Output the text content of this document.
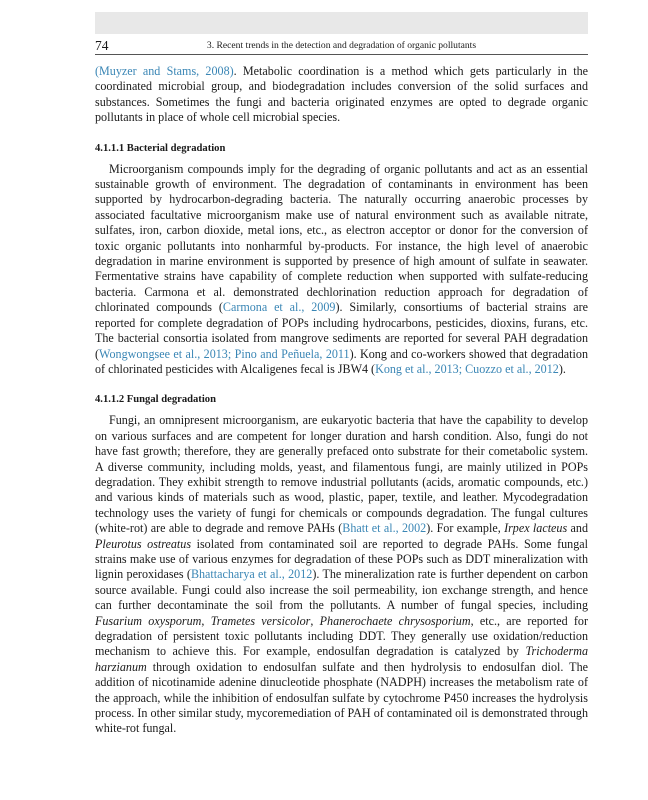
74	3. Recent trends in the detection and degradation of organic pollutants

(Muyzer and Stams, 2008). Metabolic coordination is a method which gets particularly in the coordinated microbial group, and biodegradation includes conversion of the solid surfaces and substances. Sometimes the fungi and bacteria originated enzymes are opted to degrade organic pollutants in place of whole cell microbial species.

4.1.1.1 Bacterial degradation

Microorganism compounds imply for the degrading of organic pollutants and act as an essential sustainable growth of environment. The degradation of contaminants in environment has been supported by hydrocarbon-degrading bacteria. The naturally occurring anaerobic processes by associated facultative microorganism make use of natural environment such as available nitrate, sulfates, iron, carbon dioxide, metal ions, etc., as electron acceptor or donor for the conversion of toxic organic pollutants into nonharmful by-products. For instance, the high level of anaerobic degradation in marine environment is supported by presence of high amount of sulfate in seawater. Fermentative strains have capability of complete reduction when supported with sulfate-reducing bacteria. Carmona et al. demonstrated dechlorination reduction approach for degradation of chlorinated compounds (Carmona et al., 2009). Similarly, consortiums of bacterial strains are reported for complete degradation of POPs including hydrocarbons, pesticides, dioxins, furans, etc. The bacterial consortia isolated from mangrove sediments are reported for several PAH degradation (Wongwongsee et al., 2013; Pino and Peñuela, 2011). Kong and co-workers showed that degradation of chlorinated pesticides with Alcaligenes fecal is JBW4 (Kong et al., 2013; Cuozzo et al., 2012).

4.1.1.2 Fungal degradation

Fungi, an omnipresent microorganism, are eukaryotic bacteria that have the capability to develop on various surfaces and are competent for longer duration and harsh condition. Also, fungi do not have fast growth; therefore, they are generally prefaced onto substrate for their cometabolic system. A diverse community, including molds, yeast, and filamentous fungi, are mainly utilized in POPs degradation. They exhibit strength to remove industrial pollutants (acids, aromatic compounds, etc.) and various kinds of materials such as wood, plastic, paper, textile, and leather. Mycodegradation technology uses the variety of fungi for chemicals or compounds degradation. The fungal cultures (white-rot) are able to degrade and remove PAHs (Bhatt et al., 2002). For example, Irpex lacteus and Pleurotus ostreatus isolated from contaminated soil are reported to degrade PAHs. Some fungal strains make use of various enzymes for degradation of these POPs such as DDT mineralization with lignin peroxidases (Bhattacharya et al., 2012). The mineralization rate is further dependent on carbon source available. Fungi could also increase the soil permeability, ion exchange strength, and hence can further decontaminate the soil from the pollutants. A number of fungal species, including Fusarium oxysporum, Trametes versicolor, Phanerochaete chrysosporium, etc., are reported for degradation of persistent toxic pollutants including DDT. They generally use oxidation/reduction mechanism to achieve this. For example, endosulfan degradation is catalyzed by Trichoderma harzianum through oxidation to endosulfan sulfate and then hydrolysis to endosulfan diol. The addition of nicotinamide adenine dinucleotide phosphate (NADPH) increases the metabolism rate of the approach, while the inhibition of endosulfan sulfate by cytochrome P450 increases the hydrolysis process. In other similar study, mycoremediation of PAH of contaminated oil is demonstrated through white-rot fungal.
